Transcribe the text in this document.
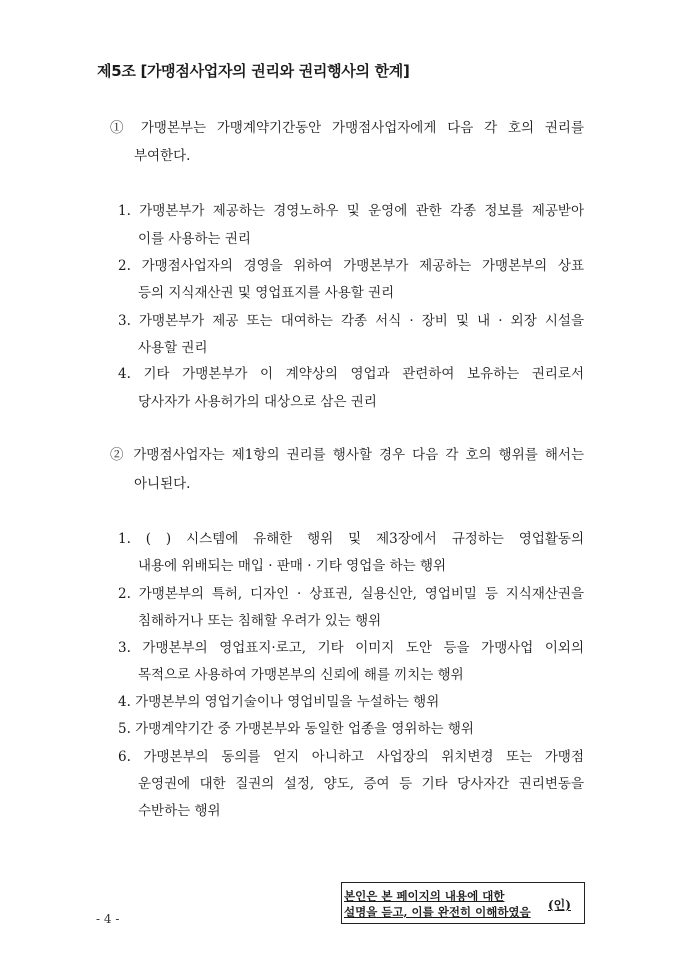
제5조 [가맹점사업자의 권리와 권리행사의 한계]
① 가맹본부는 가맹계약기간동안 가맹점사업자에게 다음 각 호의 권리를
부여한다.
1. 가맹본부가 제공하는 경영노하우 및 운영에 관한 각종 정보를 제공받아
이를 사용하는 권리
2. 가맹점사업자의 경영을 위하여 가맹본부가 제공하는 가맹본부의 상표
등의 지식재산권 및 영업표지를 사용할 권리
3. 가맹본부가 제공 또는 대여하는 각종 서식 · 장비 및 내 · 외장 시설을
사용할 권리
4. 기타 가맹본부가 이 계약상의 영업과 관련하여 보유하는 권리로서
당사자가 사용허가의 대상으로 삼은 권리
② 가맹점사업자는 제1항의 권리를 행사할 경우 다음 각 호의 행위를 해서는
아니된다.
1. ( ) 시스템에 유해한 행위 및 제3장에서 규정하는 영업활동의
내용에 위배되는 매입 · 판매 · 기타 영업을 하는 행위
2. 가맹본부의 특허, 디자인 · 상표권, 실용신안, 영업비밀 등 지식재산권을
침해하거나 또는 침해할 우려가 있는 행위
3. 가맹본부의 영업표지·로고, 기타 이미지 도안 등을 가맹사업 이외의
목적으로 사용하여 가맹본부의 신뢰에 해를 끼치는 행위
4. 가맹본부의 영업기술이나 영업비밀을 누설하는 행위
5. 가맹계약기간 중 가맹본부와 동일한 업종을 영위하는 행위
6. 가맹본부의 동의를 얻지 아니하고 사업장의 위치변경 또는 가맹점
운영권에 대한 질권의 설정, 양도, 증여 등 기타 당사자간 권리변동을
수반하는 행위
- 4 -
본인은 본 페이지의 내용에 대한
설명을 듣고, 이를 완전히 이해하였음	(인)
